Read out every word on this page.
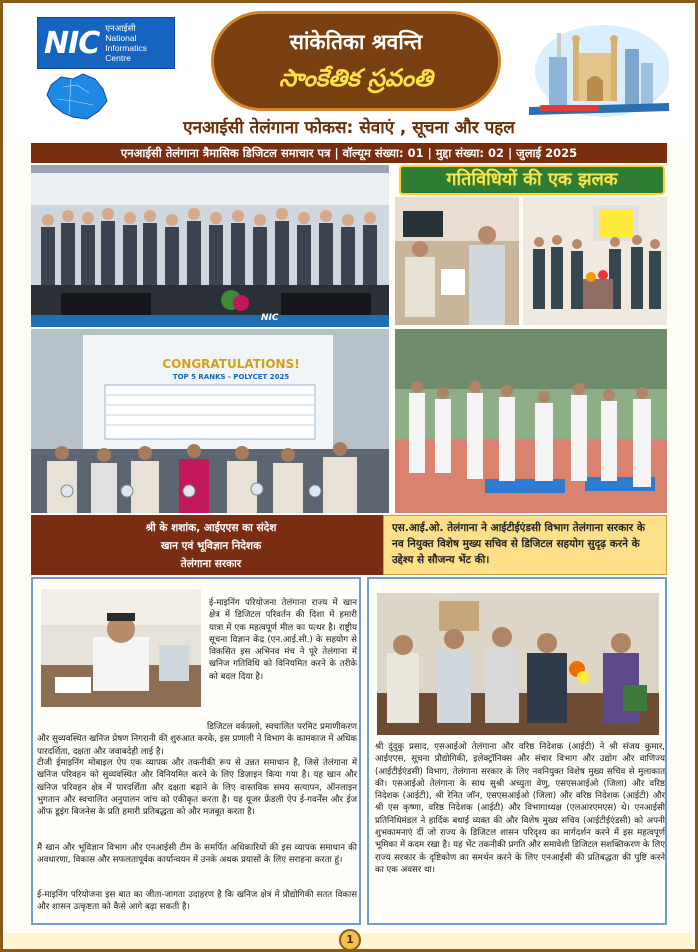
NIC एनआईसी
National
Informatics
Centre
सांकेतिका श्रवन्ति
సాంకేతిక స్రవంతి
एनआईसी तेलंगाना फोकस: सेवाएं , सूचना और पहल
एनआईसी तेलंगाना त्रैमासिक डिजिटल समाचार पत्र | वॉल्यूम संख्या: 01 | मुद्दा संख्या: 02 | जुलाई 2025
NIC
गतिविधियों की एक झलक
CONGRATULATIONS!
TOP 5 RANKS - POLYCET 2025
श्री के शशांक, आईएएस का संदेश
खान एवं भूविज्ञान निदेशक
तेलंगाना सरकार
एस.आई.ओ. तेलंगाना ने आईटीईएंडसी विभाग तेलंगाना सरकार के नव नियुक्त विशेष मुख्य सचिव से डिजिटल सहयोग सुदृढ़ करने के उद्देश्य से सौजन्य भेंट की।
ई-माइनिंग परियोजना तेलंगाना राज्य में खान क्षेत्र में डिजिटल परिवर्तन की दिशा में हमारी यात्रा में एक महत्वपूर्ण मील का पत्थर है। राष्ट्रीय सूचना विज्ञान केंद्र (एन.आई.सी.) के सहयोग से विकसित इस अभिनव मंच ने पूरे तेलंगाना में खनिज गतिविधि को विनियमित करने के तरीके को बदल दिया है।
डिजिटल वर्कफ़्लो, स्वचालित परमिट प्रमाणीकरण और सुव्यवस्थित खनिज प्रेषण निगरानी की शुरुआत करके, इस प्रणाली ने विभाग के कामकाज में अधिक पारदर्शिता, दक्षता और जवाबदेही लाई है।
टीजी ईमाइनिंग मोबाइल ऐप एक व्यापक और तकनीकी रूप से उन्नत समाधान है, जिसे तेलंगाना में खनिज परिवहन को सुव्यवस्थित और विनियमित करने के लिए डिज़ाइन किया गया है। यह खान और खनिज परिवहन क्षेत्र में पारदर्शिता और दक्षता बढ़ाने के लिए वास्तविक समय सत्यापन, ऑनलाइन भुगतान और स्वचालित अनुपालन जांच को एकीकृत करता है। यह यूजर फ्रेंडली ऐप ई-गवर्नेंस और ईज ऑफ डूइंग बिजनेस के प्रति हमारी प्रतिबद्धता को और मजबूत करता है।
मैं खान और भूविज्ञान विभाग और एनआईसी टीम के समर्पित अधिकारियों की इस व्यापक समाधान की अवधारणा, विकास और सफलतापूर्वक कार्यान्वयन में उनके अथक प्रयासों के लिए सराहना करता हूं।
ई-माइनिंग परियोजना इस बात का जीता-जागता उदाहरण है कि खनिज क्षेत्र में प्रौद्योगिकी सतत विकास और शासन उत्कृष्टता को कैसे आगे बढ़ा सकती है।
श्री दुंदुकु प्रसाद, एसआईओ तेलंगाना और वरिष्ठ निदेशक (आईटी) ने श्री संजय कुमार, आईएएस, सूचना प्रौद्योगिकी, इलेक्ट्रॉनिक्स और संचार विभाग और उद्योग और वाणिज्य (आईटीईएंडसी) विभाग, तेलंगाना सरकार के लिए नवनियुक्त विशेष मुख्य सचिव से मुलाकात की। एसआईओ तेलंगाना के साथ सुश्री अच्युता वेणु, एसएसआईओ (जिला) और वरिष्ठ निदेशक (आईटी), श्री रेनित जॉन, एसएसआईओ (जिला) और वरिष्ठ निदेशक (आईटी) और श्री एस कृष्णा, वरिष्ठ निदेशक (आईटी) और विभागाध्यक्ष (एलआरएमएस) थे। एनआईसी प्रतिनिधिमंडल ने हार्दिक बधाई व्यक्त की और विशेष मुख्य सचिव (आईटीईएंडसी) को अपनी शुभकामनाएं दीं जो राज्य के डिजिटल शासन परिदृश्य का मार्गदर्शन करने में इस महत्वपूर्ण भूमिका में कदम रखा है। यह भेंट तकनीकी प्रगति और समावेशी डिजिटल सशक्तिकरण के लिए राज्य सरकार के दृष्टिकोण का समर्थन करने के लिए एनआईसी की प्रतिबद्धता की पुष्टि करने का एक अवसर था।
1
